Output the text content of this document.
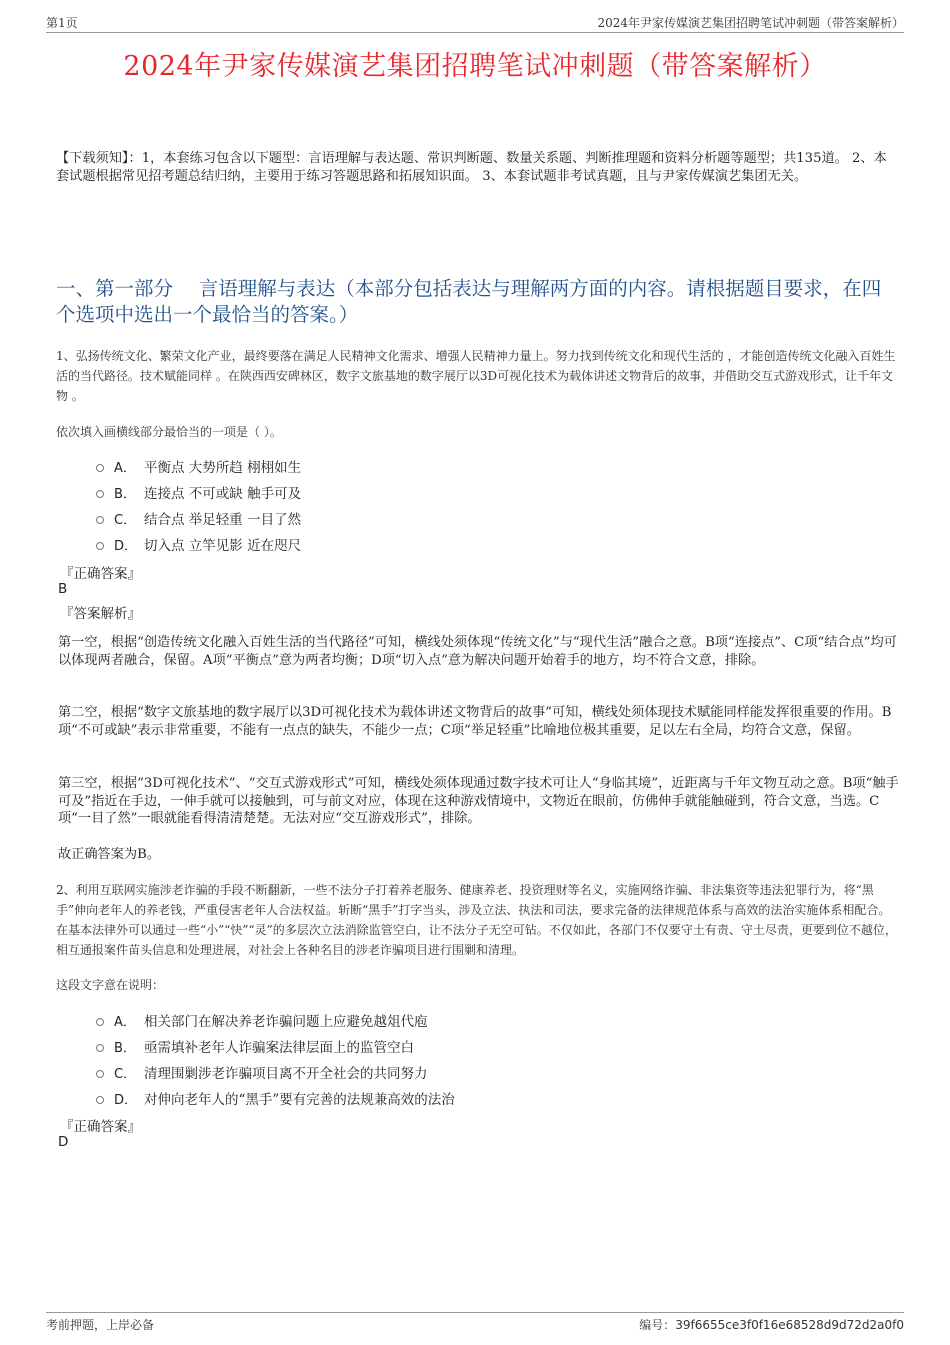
第1页	2024年尹家传媒演艺集团招聘笔试冲刺题（带答案解析）
2024年尹家传媒演艺集团招聘笔试冲刺题（带答案解析）
【下载须知】：1，本套练习包含以下题型：言语理解与表达题、常识判断题、数量关系题、判断推理题和资料分析题等题型；共135道。 2、本套试题根据常见招考题总结归纳，主要用于练习答题思路和拓展知识面。 3、本套试题非考试真题，且与尹家传媒演艺集团无关。
一、第一部分　 言语理解与表达（本部分包括表达与理解两方面的内容。请根据题目要求，在四个选项中选出一个最恰当的答案。）
1、弘扬传统文化、繁荣文化产业，最终要落在满足人民精神文化需求、增强人民精神力量上。努力找到传统文化和现代生活的 ，才能创造传统文化融入百姓生活的当代路径。技术赋能同样 。在陕西西安碑林区，数字文旅基地的数字展厅以3D可视化技术为载体讲述文物背后的故事，并借助交互式游戏形式，让千年文物 。
依次填入画横线部分最恰当的一项是（ ）。
A． 平衡点 大势所趋 栩栩如生
B． 连接点 不可或缺 触手可及
C． 结合点 举足轻重 一目了然
D． 切入点 立竿见影 近在咫尺
『正确答案』
B
『答案解析』
第一空，根据“创造传统文化融入百姓生活的当代路径”可知，横线处须体现“传统文化”与“现代生活”融合之意。B项“连接点”、C项“结合点”均可以体现两者融合，保留。A项“平衡点”意为两者均衡；D项“切入点”意为解决问题开始着手的地方，均不符合文意，排除。
第二空，根据“数字文旅基地的数字展厅以3D可视化技术为载体讲述文物背后的故事”可知，横线处须体现技术赋能同样能发挥很重要的作用。B项“不可或缺”表示非常重要，不能有一点点的缺失，不能少一点；C项“举足轻重”比喻地位极其重要，足以左右全局，均符合文意，保留。
第三空，根据“3D可视化技术”、“交互式游戏形式”可知，横线处须体现通过数字技术可让人“身临其境”，近距离与千年文物互动之意。B项“触手可及”指近在手边，一伸手就可以接触到，可与前文对应，体现在这种游戏情境中，文物近在眼前，仿佛伸手就能触碰到，符合文意，当选。C项“一目了然”一眼就能看得清清楚楚。无法对应“交互游戏形式”，排除。
故正确答案为B。
2、利用互联网实施涉老诈骗的手段不断翻新，一些不法分子打着养老服务、健康养老、投资理财等名义，实施网络诈骗、非法集资等违法犯罪行为，将“黑手”伸向老年人的养老钱，严重侵害老年人合法权益。斩断“黑手”打字当头，涉及立法、执法和司法，要求完备的法律规范体系与高效的法治实施体系相配合。在基本法律外可以通过一些“小”“快”“灵”的多层次立法消除监管空白，让不法分子无空可钻。不仅如此，各部门不仅要守土有责、守土尽责，更要到位不越位，相互通报案件苗头信息和处理进展，对社会上各种名目的涉老诈骗项目进行围剿和清理。
这段文字意在说明：
A． 相关部门在解决养老诈骗问题上应避免越俎代庖
B． 亟需填补老年人诈骗案法律层面上的监管空白
C． 清理围剿涉老诈骗项目离不开全社会的共同努力
D． 对伸向老年人的“黑手”要有完善的法规兼高效的法治
『正确答案』
D
考前押题，上岸必备	编号：39f6655ce3f0f16e68528d9d72d2a0f0
